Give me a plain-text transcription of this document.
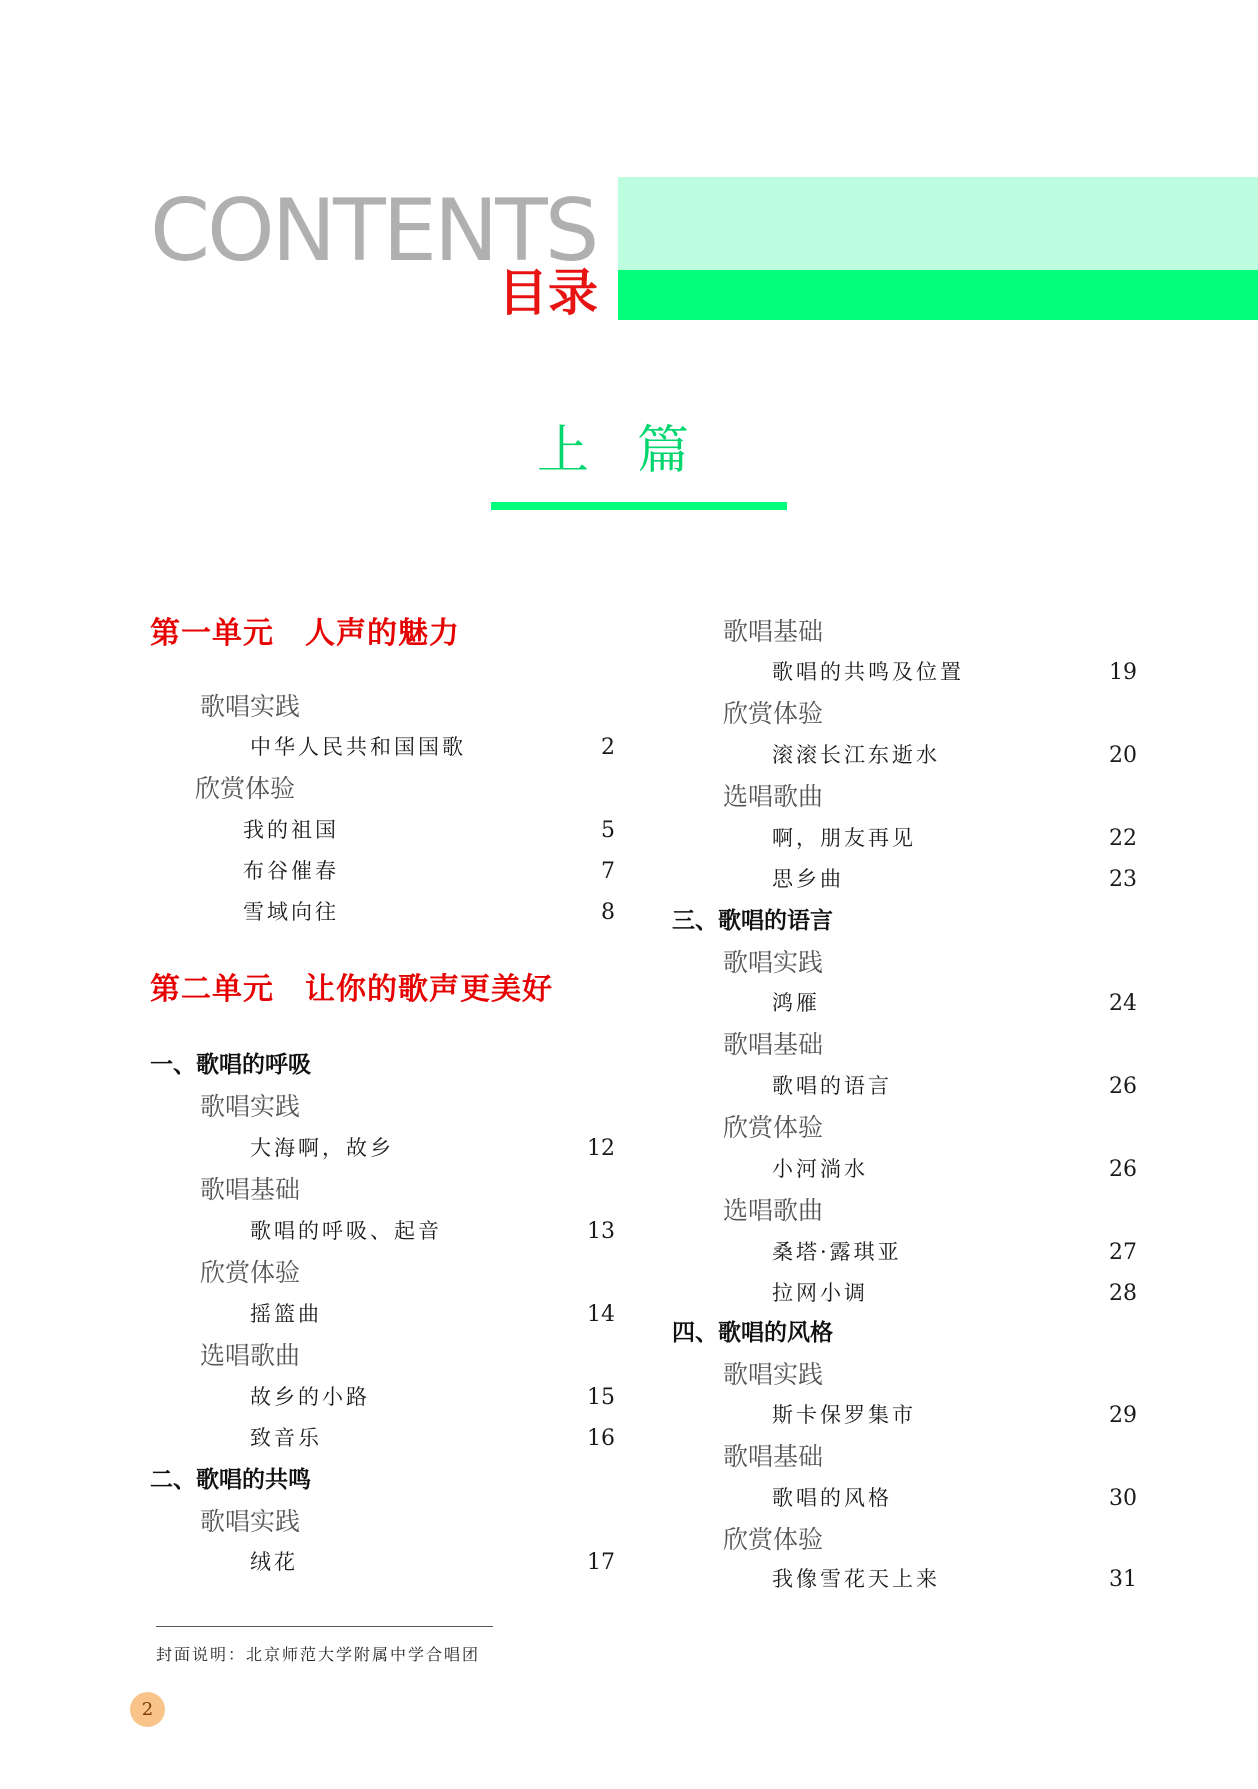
CONTENTS
目录
上篇
第一单元　人声的魅力
歌唱实践
中华人民共和国国歌	2
欣赏体验
我的祖国	5
布谷催春	7
雪域向往	8
第二单元　让你的歌声更美好
一、歌唱的呼吸
歌唱实践
大海啊，故乡	12
歌唱基础
歌唱的呼吸、起音	13
欣赏体验
摇篮曲	14
选唱歌曲
故乡的小路	15
致音乐	16
二、歌唱的共鸣
歌唱实践
绒花	17
歌唱基础
歌唱的共鸣及位置	19
欣赏体验
滚滚长江东逝水	20
选唱歌曲
啊，朋友再见	22
思乡曲	23
三、歌唱的语言
歌唱实践
鸿雁	24
歌唱基础
歌唱的语言	26
欣赏体验
小河淌水	26
选唱歌曲
桑塔·露琪亚	27
拉网小调	28
四、歌唱的风格
歌唱实践
斯卡保罗集市	29
歌唱基础
歌唱的风格	30
欣赏体验
我像雪花天上来	31
封面说明：北京师范大学附属中学合唱团
2
